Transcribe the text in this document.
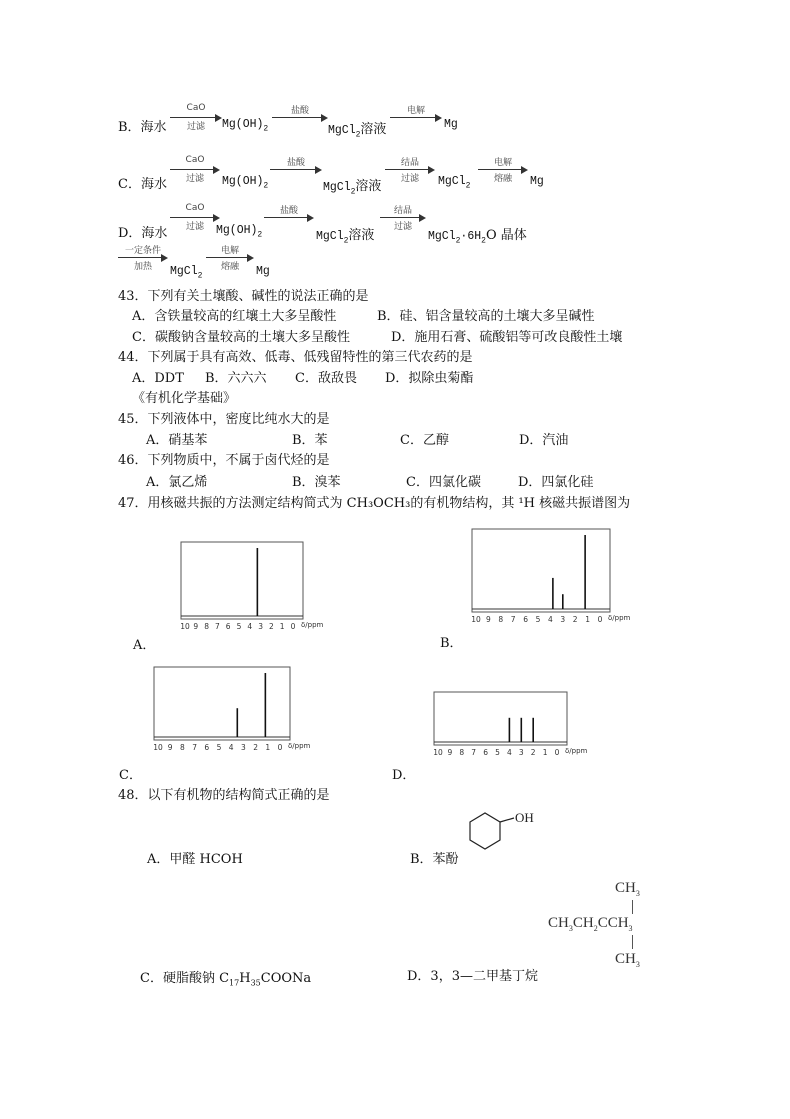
B．海水
CaO
过滤	$Mg(OH)_2$
盐酸
MgCl$_2$溶液
电解
Mg
C．海水
CaO
过滤	$Mg(OH)_2$
盐酸
MgCl$_2$溶液
结晶
过滤	MgCl$_2$
电解
熔融	Mg
D．海水
CaO
过滤	$Mg(OH)_2$
盐酸
MgCl$_2$溶液
结晶
过滤
$MgCl_2\cdot 6H_2O$ 晶体
一定条件
加热	MgCl$_2$
电解
熔融	Mg
43．下列有关土壤酸、碱性的说法正确的是
A．含铁量较高的红壤土大多呈酸性	B．硅、铝含量较高的土壤大多呈碱性
C．碳酸钠含量较高的土壤大多呈酸性	D．施用石膏、硫酸铝等可改良酸性土壤
44．下列属于具有高效、低毒、低残留特性的第三代农药的是
A．DDT B．六六六 C．敌敌畏 D．拟除虫菊酯
《有机化学基础》
45．下列液体中，密度比纯水大的是
A．硝基苯	B．苯	C．乙醇	D．汽油
46．下列物质中，不属于卤代烃的是
A．氯乙烯	B．溴苯	C．四氯化碳	D．四氯化硅
47．用核磁共振的方法测定结构简式为 CH₃OCH₃的有机物结构，其 ¹H 核磁共振谱图为
A．	B．
C．	D．
10 9 8 7 6 5 4 3 2 1 0 δ/ppm
10 9 8 7 6 5 4 3 2 1 0 δ/ppm
10 9 8 7 6 5 4 3 2 1 0 δ/ppm
10 9 8 7 6 5 4 3 2 1 0 δ/ppm
48．以下有机物的结构简式正确的是
A．甲醛 HCOH	B．苯酚
OH
C．硬脂酸钠 $C_{17}H_{35}COONa$	D．3，3—二甲基丁烷
$CH_3$
$CH_3CH_2CCH_3$
$CH_3$
